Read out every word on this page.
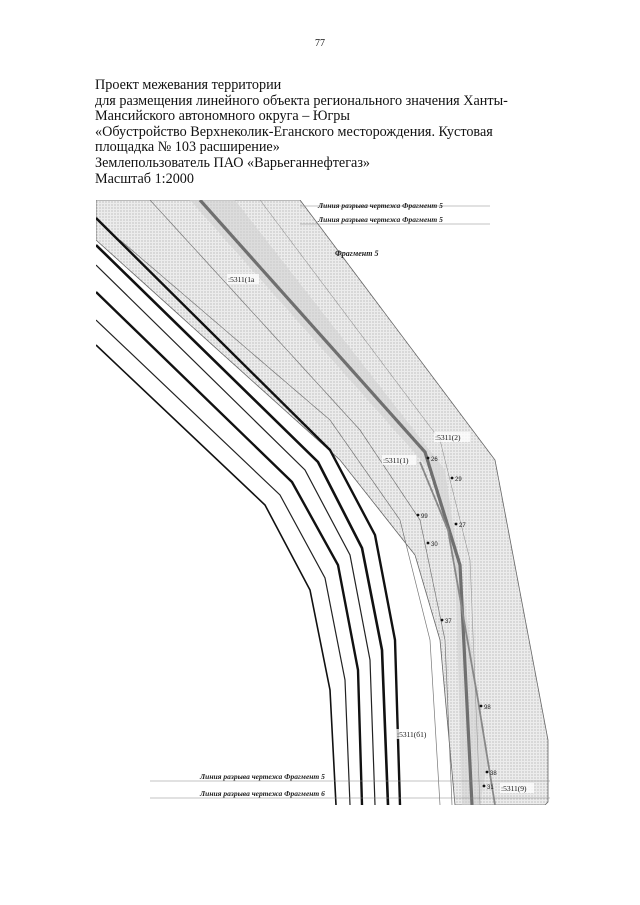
77
Проект межевания территории
для размещения линейного объекта регионального значения Ханты-
Мансийского автономного округа – Югры
«Обустройство Верхнеколик-Еганского месторождения. Кустовая
площадка № 103 расширение»
Землепользователь ПАО «Варьеганнефтегаз»
Масштаб 1:2000
Линия разрыва чертежа Фрагмент 5
Линия разрыва чертежа Фрагмент 5
Фрагмент 5
Линия разрыва чертежа Фрагмент 5
Линия разрыва чертежа Фрагмент 6
:5311(1а
:5311(2)
:5311(1)
:5311(б1)
:5311(9)
26
29
27
99
30
37
98
38
31
